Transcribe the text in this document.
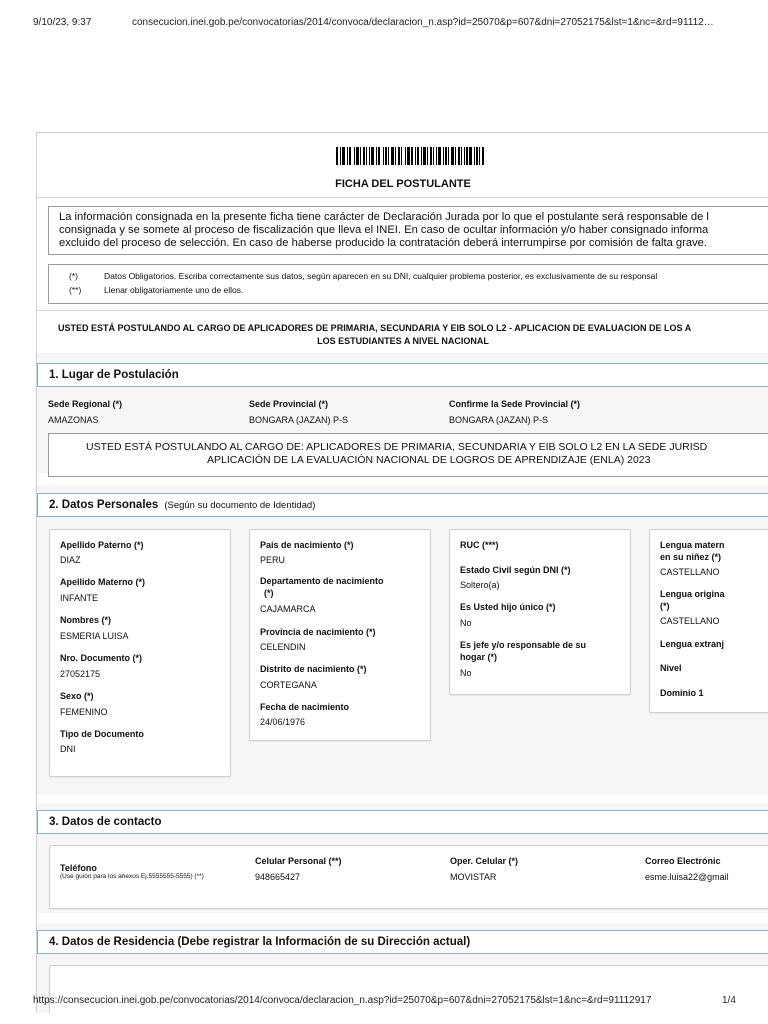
9/10/23, 9:37	consecucion.inei.gob.pe/convocatorias/2014/convoca/declaracion_n.asp?id=25070&p=607&dni=27052175&lst=1&nc=&rd=91112…
FICHA DEL POSTULANTE
La información consignada en la presente ficha tiene carácter de Declaración Jurada por lo que el postulante será responsable de l
consignada y se somete al proceso de fiscalización que lleva el INEI. En caso de ocultar información y/o haber consignado informa
excluido del proceso de selección. En caso de haberse producido la contratación deberá interrumpirse por comisión de falta grave.
(*)	Datos Obligatorios. Escriba correctamente sus datos, según aparecen en su DNI, cualquier problema posterior, es exclusivamente de su responsal
(**)	Llenar obligatoriamente uno de ellos.
USTED ESTÁ POSTULANDO AL CARGO DE APLICADORES DE PRIMARIA, SECUNDARIA Y EIB SOLO L2 - APLICACION DE EVALUACION DE LOS A
LOS ESTUDIANTES A NIVEL NACIONAL
1. Lugar de Postulación
Sede Regional (*)
AMAZONAS
Sede Provincial (*)
BONGARA (JAZAN) P-S
Confirme la Sede Provincial (*)
BONGARA (JAZAN) P-S
USTED ESTÁ POSTULANDO AL CARGO DE: APLICADORES DE PRIMARIA, SECUNDARIA Y EIB SOLO L2 EN LA SEDE JURISD
APLICACIÓN DE LA EVALUACIÓN NACIONAL DE LOGROS DE APRENDIZAJE (ENLA) 2023
2. Datos Personales (Según su documento de Identidad)
Apellido Paterno (*)
DIAZ
Apellido Materno (*)
INFANTE
Nombres (*)
ESMERIA LUISA
Nro. Documento (*)
27052175
Sexo (*)
FEMENINO
Tipo de Documento
DNI
País de nacimiento (*)
PERU
Departamento de nacimiento
(*)
CAJAMARCA
Provincia de nacimiento (*)
CELENDIN
Distrito de nacimiento (*)
CORTEGANA
Fecha de nacimiento
24/06/1976
RUC (***)
Estado Civil según DNI (*)
Soltero(a)
Es Usted hijo único (*)
No
Es jefe y/o responsable de su
hogar (*)
No
Lengua matern
en su niñez (*)
CASTELLANO
Lengua origina
(*)
CASTELLANO
Lengua extranj
Nivel
Dominio 1
3. Datos de contacto
Teléfono
(Use guión para los anexos Ej.5555555-5555) (**)
Celular Personal (**)
948665427
Oper. Celular (*)
MOVISTAR
Correo Electrónic
esme.luisa22@gmail
4. Datos de Residencia (Debe registrar la Información de su Dirección actual)
https://consecucion.inei.gob.pe/convocatorias/2014/convoca/declaracion_n.asp?id=25070&p=607&dni=27052175&lst=1&nc=&rd=91112917	1/4
